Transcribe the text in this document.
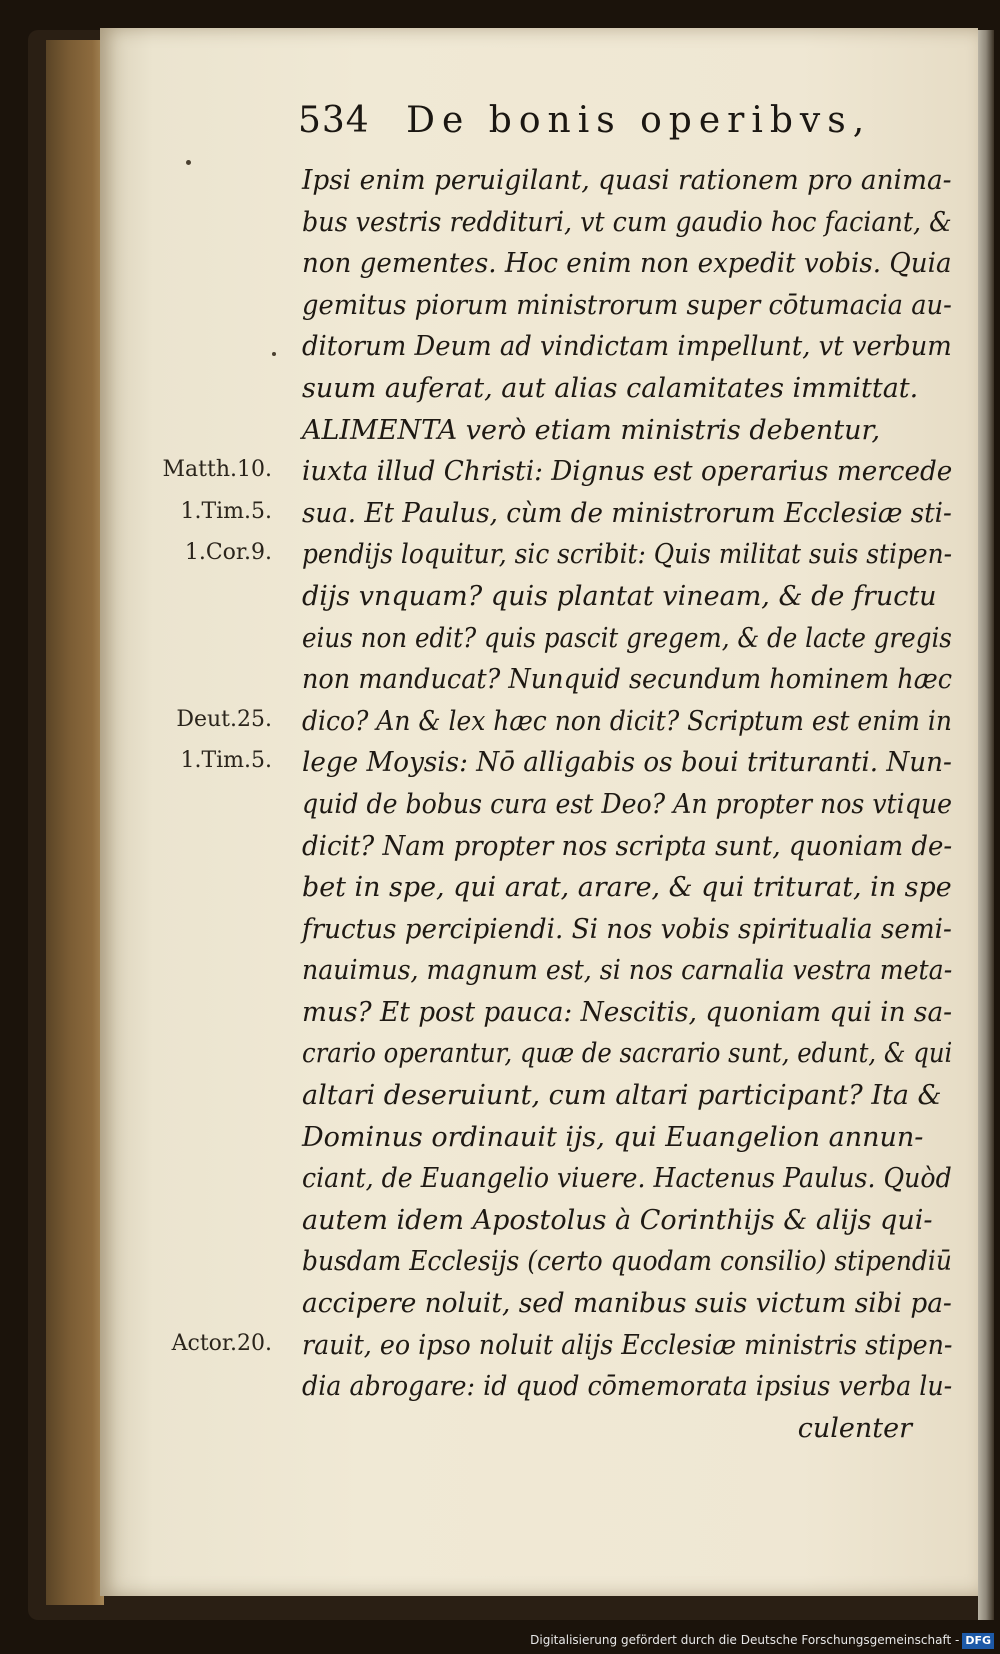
534 De bonis operibvs,
Ipsi enim peruigilant, quasi rationem pro anima-
bus vestris reddituri, vt cum gaudio hoc faciant, &
non gementes. Hoc enim non expedit vobis. Quia
gemitus piorum ministrorum super cōtumacia au-
ditorum Deum ad vindictam impellunt, vt verbum
suum auferat, aut alias calamitates immittat.
ALIMENTA verò etiam ministris debentur,
iuxta illud Christi: Dignus est operarius mercede
sua. Et Paulus, cùm de ministrorum Ecclesiæ sti-
pendijs loquitur, sic scribit: Quis militat suis stipen-
dijs vnquam? quis plantat vineam, & de fructu
eius non edit? quis pascit gregem, & de lacte gregis
non manducat? Nunquid secundum hominem hæc
dico? An & lex hæc non dicit? Scriptum est enim in
lege Moysis: Nō alligabis os boui trituranti. Nun-
quid de bobus cura est Deo? An propter nos vtique
dicit? Nam propter nos scripta sunt, quoniam de-
bet in spe, qui arat, arare, & qui triturat, in spe
fructus percipiendi. Si nos vobis spiritualia semi-
nauimus, magnum est, si nos carnalia vestra meta-
mus? Et post pauca: Nescitis, quoniam qui in sa-
crario operantur, quæ de sacrario sunt, edunt, & qui
altari deseruiunt, cum altari participant? Ita &
Dominus ordinauit ijs, qui Euangelion annun-
ciant, de Euangelio viuere. Hactenus Paulus. Quòd
autem idem Apostolus à Corinthijs & alijs qui-
busdam Ecclesijs (certo quodam consilio) stipendiū
accipere noluit, sed manibus suis victum sibi pa-
rauit, eo ipso noluit alijs Ecclesiæ ministris stipen-
dia abrogare: id quod cōmemorata ipsius verba lu-
culenter
Matth.10.
1.Tim.5.
1.Cor.9.
Deut.25.
1.Tim.5.
Actor.20.
Digitalisierung gefördert durch die Deutsche Forschungsgemeinschaft - DFG
